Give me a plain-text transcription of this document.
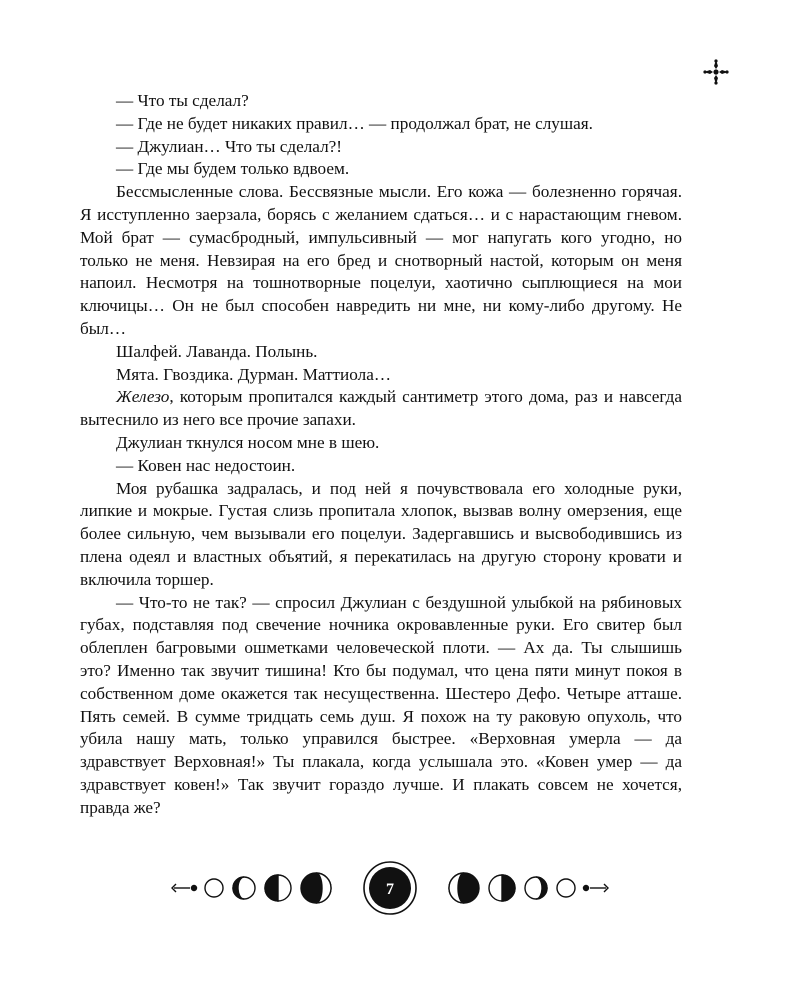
— Что ты сделал?

— Где не будет никаких правил… — продолжал брат, не слушая.

— Джулиан… Что ты сделал?!

— Где мы будем только вдвоем.

Бессмысленные слова. Бессвязные мысли. Его кожа — болезненно горячая. Я исступленно заерзала, борясь с желанием сдаться… и с нарастающим гневом. Мой брат — сумасбродный, импульсивный — мог напугать кого угодно, но только не меня. Невзирая на его бред и снотворный настой, которым он меня напоил. Несмотря на тошнотворные поцелуи, хаотично сыплющиеся на мои ключицы… Он не был способен навредить ни мне, ни кому-либо другому. Не был…

Шалфей. Лаванда. Полынь.

Мята. Гвоздика. Дурман. Маттиола…

Железо, которым пропитался каждый сантиметр этого дома, раз и навсегда вытеснило из него все прочие запахи.

Джулиан ткнулся носом мне в шею.

— Ковен нас недостоин.

Моя рубашка задралась, и под ней я почувствовала его холодные руки, липкие и мокрые. Густая слизь пропитала хлопок, вызвав волну омерзения, еще более сильную, чем вызывали его поцелуи. Задергавшись и высвободившись из плена одеял и властных объятий, я перекатилась на другую сторону кровати и включила торшер.

— Что-то не так? — спросил Джулиан с бездушной улыбкой на рябиновых губах, подставляя под свечение ночника окровавленные руки. Его свитер был облеплен багровыми ошметками человеческой плоти. — Ах да. Ты слышишь это? Именно так звучит тишина! Кто бы подумал, что цена пяти минут покоя в собственном доме окажется так несущественна. Шестеро Дефо. Четыре атташе. Пять семей. В сумме тридцать семь душ. Я похож на ту раковую опухоль, что убила нашу мать, только управился быстрее. «Верховная умерла — да здравствует Верховная!» Ты плакала, когда услышала это. «Ковен умер — да здравствует ковен!» Так звучит гораздо лучше. И плакать совсем не хочется, правда же?

7
